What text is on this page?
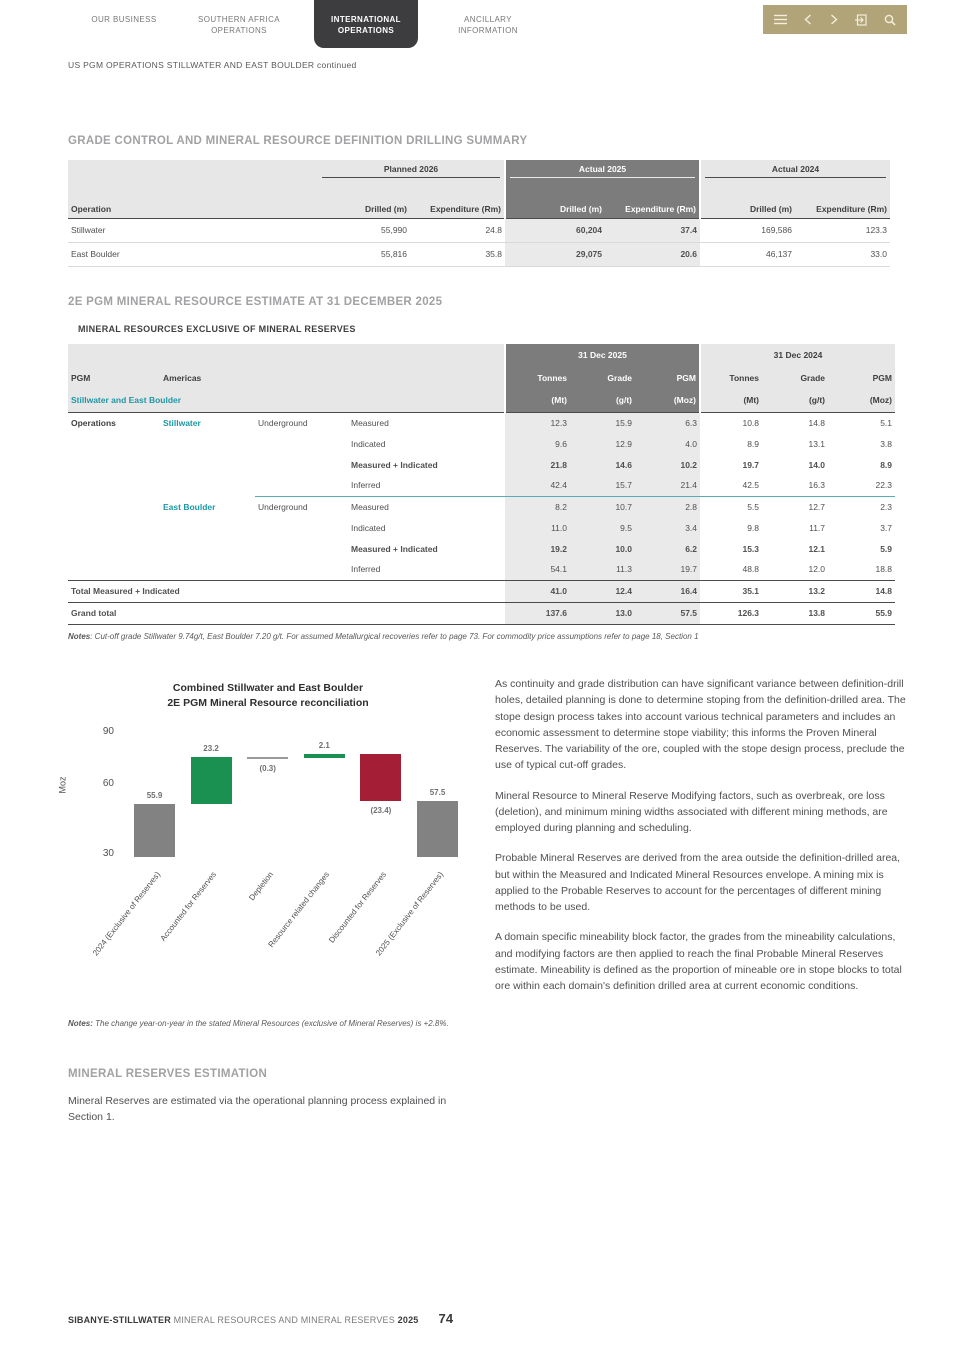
OUR BUSINESS	SOUTHERN AFRICA OPERATIONS
INTERNATIONAL OPERATIONS
ANCILLARY INFORMATION
US PGM OPERATIONS STILLWATER AND EAST BOULDER continued
GRADE CONTROL AND MINERAL RESOURCE DEFINITION DRILLING SUMMARY

	Planned 2026		Actual 2025		Actual 2024	

Operation	Drilled (m)	Expenditure (Rm)	Drilled (m)	Expenditure (Rm)	Drilled (m)	Expenditure (Rm)
Stillwater	55,990	24.8	60,204	37.4	169,586	123.3
East Boulder	55,816	35.8	29,075	20.6	46,137	33.0
2E PGM MINERAL RESOURCE ESTIMATE AT 31 DECEMBER 2025
MINERAL RESOURCES EXCLUSIVE OF MINERAL RESERVES
				31 Dec 2025			31 Dec 2024		
PGM	Americas			Tonnes	Grade	PGM	Tonnes	Grade	PGM
Stillwater and East Boulder				(Mt)	(g/t)	(Moz)	(Mt)	(g/t)	(Moz)
Operations	Stillwater	Underground	Measured	12.3	15.9	6.3	10.8	14.8	5.1
			Indicated	9.6	12.9	4.0	8.9	13.1	3.8
			Measured + Indicated	21.8	14.6	10.2	19.7	14.0	8.9
			Inferred	42.4	15.7	21.4	42.5	16.3	22.3
	East Boulder	Underground	Measured	8.2	10.7	2.8	5.5	12.7	2.3
			Indicated	11.0	9.5	3.4	9.8	11.7	3.7
			Measured + Indicated	19.2	10.0	6.2	15.3	12.1	5.9
			Inferred	54.1	11.3	19.7	48.8	12.0	18.8
Total Measured + Indicated				41.0	12.4	16.4	35.1	13.2	14.8
Grand total				137.6	13.0	57.5	126.3	13.8	55.9
Notes: Cut-off grade Stillwater 9.74g/t, East Boulder 7.20 g/t. For assumed Metallurgical recoveries refer to page 73. For commodity price assumptions refer to page 18, Section 1
Combined Stillwater and East Boulder
2E PGM Mineral Resource reconciliation
90
60
30
Moz
55.9
2024 (Exclusive of Reserves)
23.2
Accounted for Reserves
(0.3)
Depletion
2.1
Resource related changes
(23.4)
Discounted for Reserves
57.5
2025 (Exclusive of Reserves)

As continuity and grade distribution can have significant variance between definition-drill holes, detailed planning is done to determine stoping from the definition-drilled area. The stope design process takes into account various technical parameters and includes an economic assessment to determine stope viability; this informs the Proven Mineral Reserves. The variability of the ore, coupled with the stope design process, preclude the use of typical cut-off grades.

Mineral Resource to Mineral Reserve Modifying factors, such as overbreak, ore loss (deletion), and minimum mining widths associated with different mining methods, are employed during planning and scheduling.

Probable Mineral Reserves are derived from the area outside the definition-drilled area, but within the Measured and Indicated Mineral Resources envelope. A mining mix is applied to the Probable Reserves to account for the percentages of different mining methods to be used.

A domain specific mineability block factor, the grades from the mineability calculations, and modifying factors are then applied to reach the final Probable Mineral Reserves estimate. Mineability is defined as the proportion of mineable ore in stope blocks to total ore within each domain's definition drilled area at current economic conditions.

Notes: The change year-on-year in the stated Mineral Resources (exclusive of Mineral Reserves) is +2.8%.
MINERAL RESERVES ESTIMATION
Mineral Reserves are estimated via the operational planning process explained in Section 1.
SIBANYE-STILLWATER MINERAL RESOURCES AND MINERAL RESERVES 2025 74
